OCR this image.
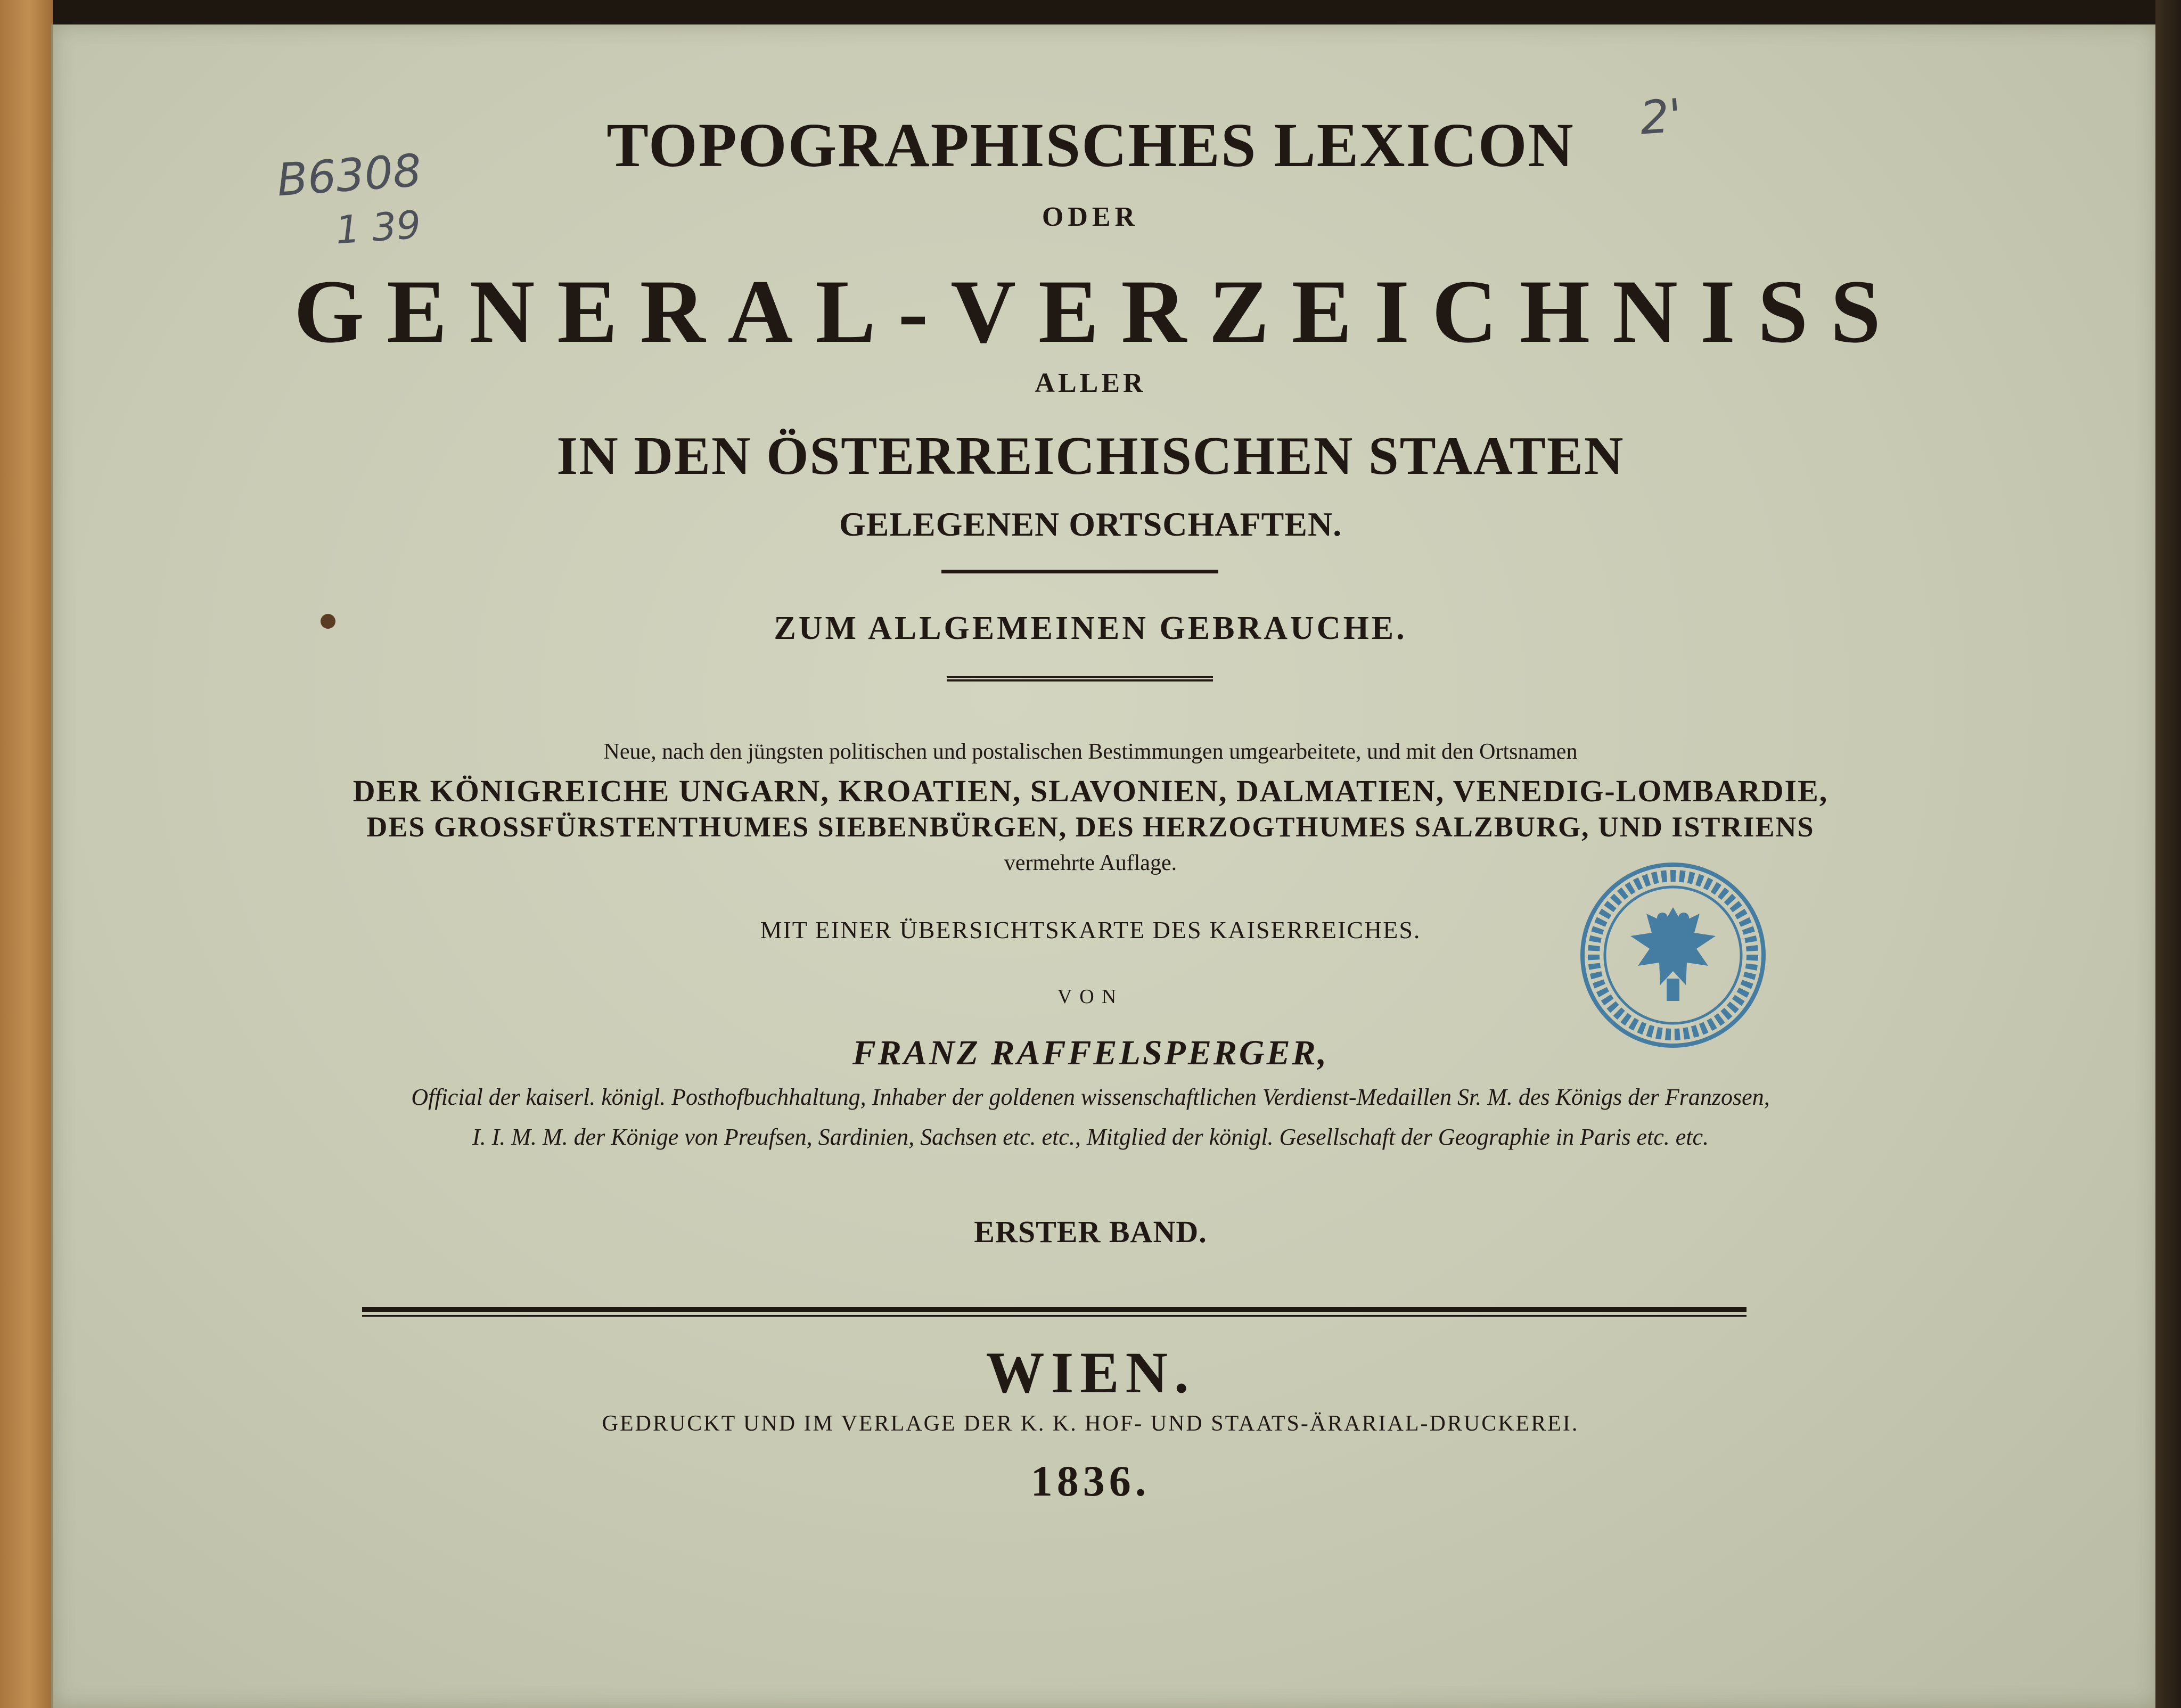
B6308
1 39
2'
TOPOGRAPHISCHES LEXICON
ODER
GENERAL-VERZEICHNISS
ALLER
IN DEN ÖSTERREICHISCHEN STAATEN
GELEGENEN ORTSCHAFTEN.
ZUM ALLGEMEINEN GEBRAUCHE.
Neue, nach den jüngsten politischen und postalischen Bestimmungen umgearbeitete, und mit den Ortsnamen
DER KÖNIGREICHE UNGARN, KROATIEN, SLAVONIEN, DALMATIEN, VENEDIG-LOMBARDIE,
DES GROSSFÜRSTENTHUMES SIEBENBÜRGEN, DES HERZOGTHUMES SALZBURG, UND ISTRIENS
vermehrte Auflage.
MIT EINER ÜBERSICHTSKARTE DES KAISERREICHES.
VON
FRANZ RAFFELSPERGER,
Official der kaiserl. königl. Posthofbuchhaltung, Inhaber der goldenen wissenschaftlichen Verdienst-Medaillen Sr. M. des Königs der Franzosen,
I. I. M. M. der Könige von Preufsen, Sardinien, Sachsen etc. etc., Mitglied der königl. Gesellschaft der Geographie in Paris etc. etc.
ERSTER BAND.
WIEN.
GEDRUCKT UND IM VERLAGE DER K. K. HOF- UND STAATS-ÄRARIAL-DRUCKEREI.
1836.
